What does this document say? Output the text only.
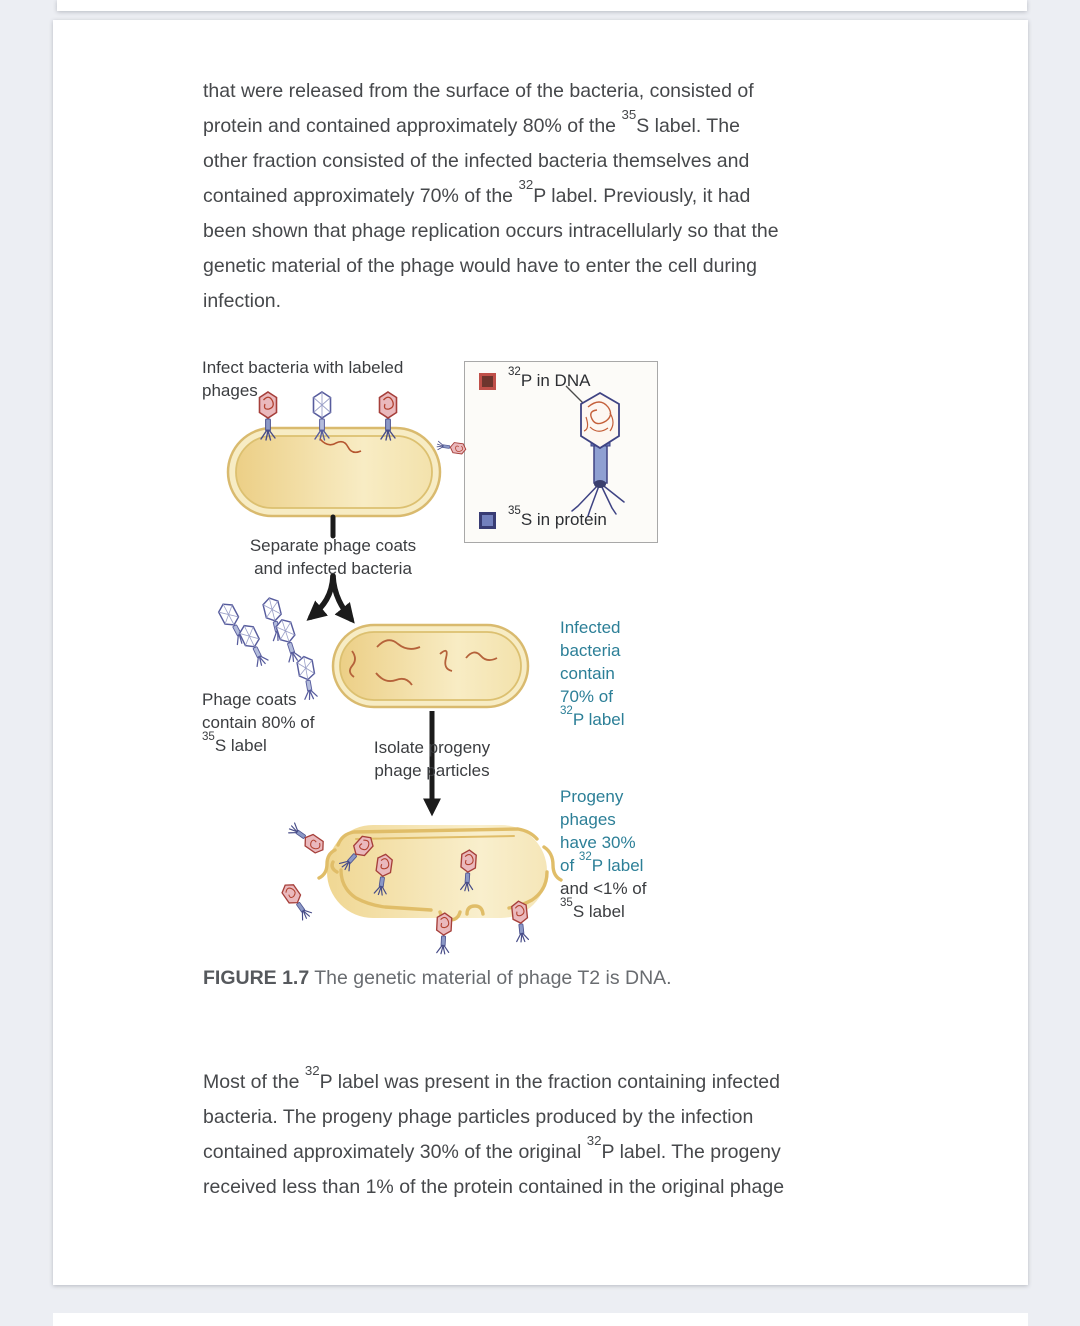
that were released from the surface of the bacteria, consisted of
protein and contained approximately 80% of the $^{35}$S label. The
other fraction consisted of the infected bacteria themselves and
contained approximately 70% of the $^{32}$P label. Previously, it had
been shown that phage replication occurs intracellularly so that the
genetic material of the phage would have to enter the cell during
infection.
$^{32}$P in DNA
$^{35}$S in protein
Infect bacteria with labeled
phages
Separate phage coats
and infected bacteria
Phage coats
contain 80% of
$^{35}$S label
Infected
bacteria
contain
70% of
$^{32}$P label
Isolate progeny
phage particles
Progeny
phages
have 30%
of $^{32}$P label
and <1% of
$^{35}$S label
FIGURE 1.7 The genetic material of phage T2 is DNA.
Most of the $^{32}$P label was present in the fraction containing infected
bacteria. The progeny phage particles produced by the infection
contained approximately 30% of the original $^{32}$P label. The progeny
received less than 1% of the protein contained in the original phage
